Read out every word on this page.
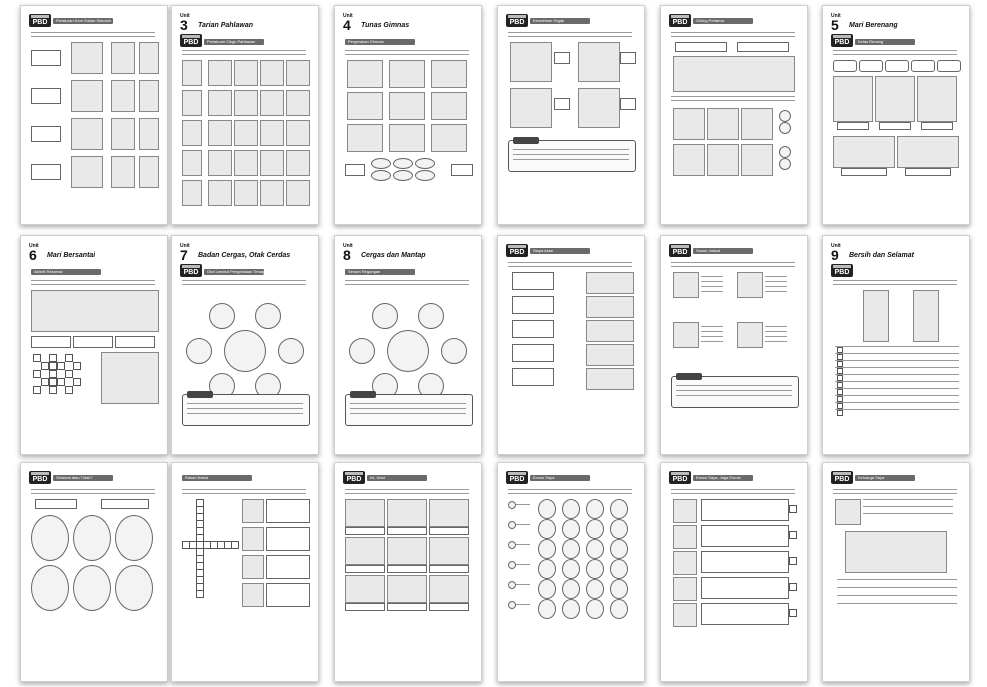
PBD	Peraturan Kem Sukan Sekolah
Unit
3 Tarian Pahlawan
PBD	Perlakuan Cikgu Pahlawan
Unit
4 Tunas Gimnas
Pergerakan Gimnas
PBD	Kemahiran Tegak	PBD	Guling Pertama
Unit
5 Mari Berenang
PBD	Kelas Renang
Unit
6 Mari Bersantai
Aktiviti Rekreasi
Unit
7 Badan Cergas, Otak Cerdas
PBD	Otot Lembut Pengelolaan Tenaga
Unit
8 Cergas dan Mantap
Senam Regangan
PBD	Siapa Akan	PBD	Susun Jadual
Unit
9 Bersih dan Selamat
PBD
PBD	Selamat atau Tidak?	Rakan Nakal	PBD	Ini, Ubat	PBD	Emosi Saya	PBD	Emosi Saya, Jaga Emosi	PBD	Keluarga Saya
